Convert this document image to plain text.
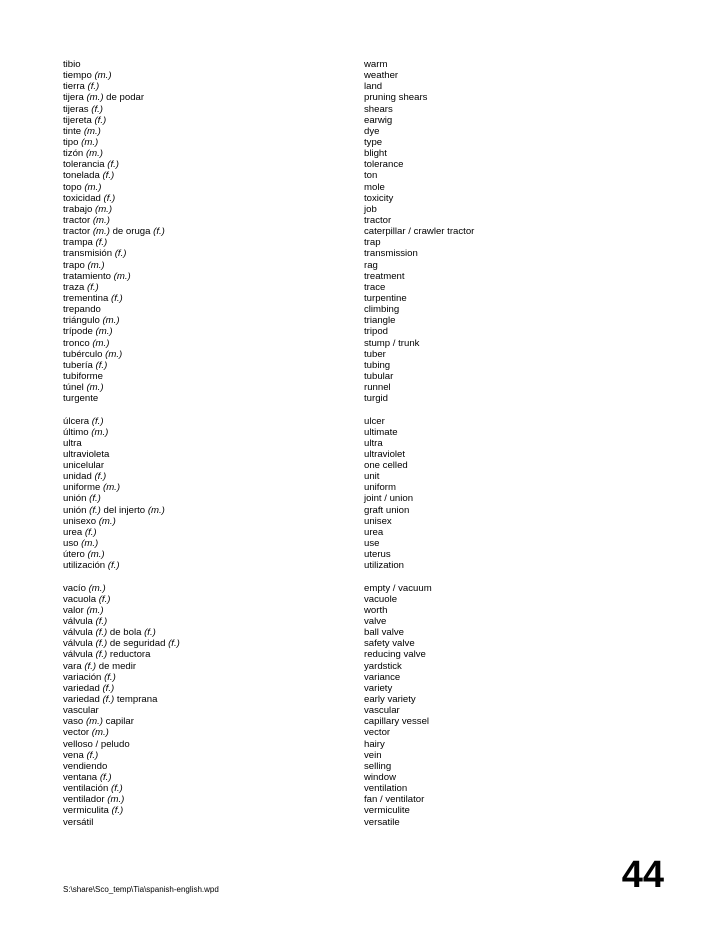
tibio	warm
tiempo (m.)	weather
tierra (f.)	land
tijera (m.) de podar	pruning shears
tijeras (f.)	shears
tijereta (f.)	earwig
tinte (m.)	dye
tipo (m.)	type
tizón (m.)	blight
tolerancia (f.)	tolerance
tonelada (f.)	ton
topo (m.)	mole
toxicidad (f.)	toxicity
trabajo (m.)	job
tractor (m.)	tractor
tractor (m.) de oruga (f.)	caterpillar / crawler tractor
trampa (f.)	trap
transmisión (f.)	transmission
trapo (m.)	rag
tratamiento (m.)	treatment
traza (f.)	trace
trementina (f.)	turpentine
trepando	climbing
triángulo (m.)	triangle
trípode (m.)	tripod
tronco (m.)	stump / trunk
tubérculo (m.)	tuber
tubería (f.)	tubing
tubiforme	tubular
túnel (m.)	runnel
turgente	turgid
úlcera (f.)	ulcer
último (m.)	ultimate
ultra	ultra
ultravioleta	ultraviolet
unicelular	one celled
unidad (f.)	unit
uniforme (m.)	uniform
unión (f.)	joint / union
unión (f.) del injerto (m.)	graft union
unisexo (m.)	unisex
urea (f.)	urea
uso (m.)	use
útero (m.)	uterus
utilización (f.)	utilization
vacío (m.)	empty / vacuum
vacuola (f.)	vacuole
valor (m.)	worth
válvula (f.)	valve
válvula (f.) de bola (f.)	ball valve
válvula (f.) de seguridad (f.)	safety valve
válvula (f.) reductora	reducing valve
vara (f.) de medir	yardstick
variación (f.)	variance
variedad (f.)	variety
variedad (f.) temprana	early variety
vascular	vascular
vaso (m.) capilar	capillary vessel
vector (m.)	vector
velloso / peludo	hairy
vena (f.)	vein
vendiendo	selling
ventana (f.)	window
ventilación (f.)	ventilation
ventilador (m.)	fan / ventilator
vermiculita (f.)	vermiculite
versátil	versatile
S:\share\Sco_temp\Tia\spanish-english.wpd	44
